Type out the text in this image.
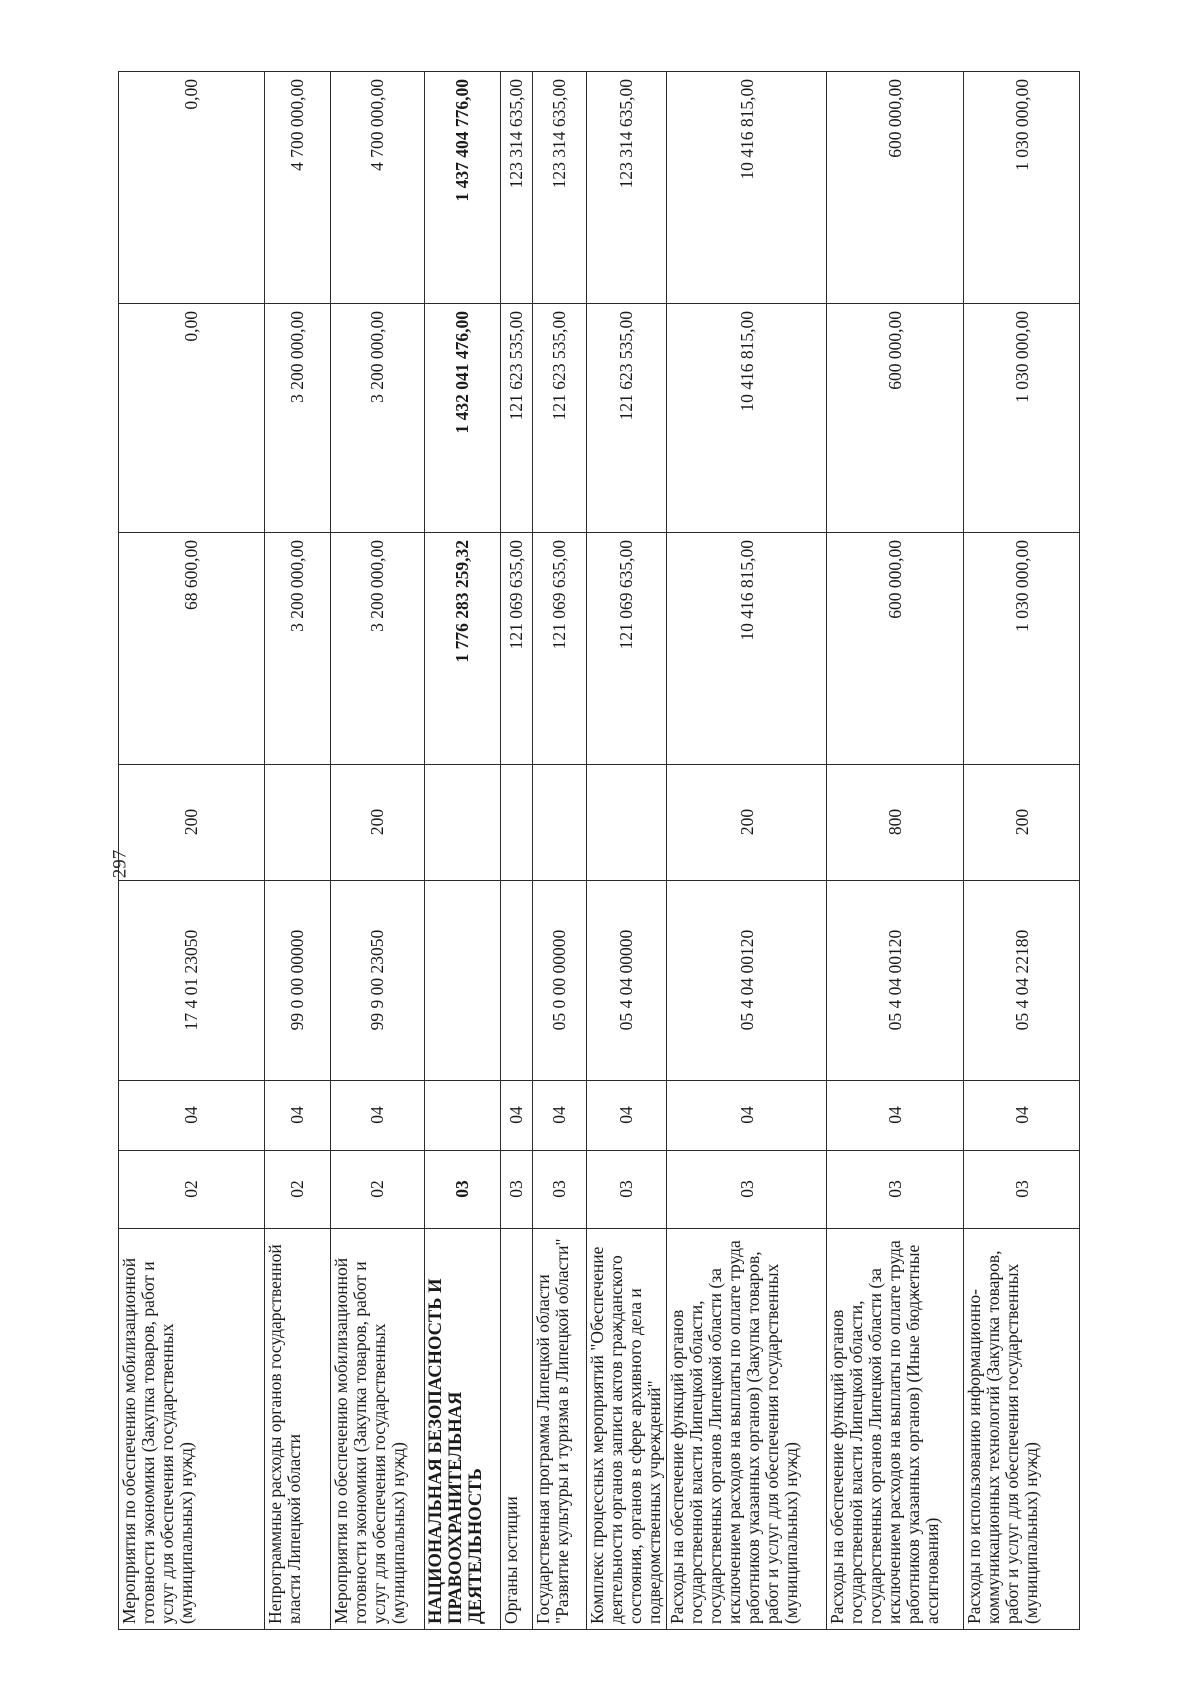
297
Мероприятия по обеспечению мобилизационной готовности экономики (Закупка товаров, работ и услуг для обеспечения государственных (муниципальных) нужд)	02	04	17 4 01 23050	200	68 600,00	0,00	0,00
Непрограммные расходы органов государственной власти Липецкой области	02	04	99 0 00 00000		3 200 000,00	3 200 000,00	4 700 000,00
Мероприятия по обеспечению мобилизационной готовности экономики (Закупка товаров, работ и услуг для обеспечения государственных (муниципальных) нужд)	02	04	99 9 00 23050	200	3 200 000,00	3 200 000,00	4 700 000,00
НАЦИОНАЛЬНАЯ БЕЗОПАСНОСТЬ И ПРАВООХРАНИТЕЛЬНАЯ ДЕЯТЕЛЬНОСТЬ	03				1 776 283 259,32	1 432 041 476,00	1 437 404 776,00
Органы юстиции	03	04			121 069 635,00	121 623 535,00	123 314 635,00
Государственная программа Липецкой области "Развитие культуры и туризма в Липецкой области"	03	04	05 0 00 00000		121 069 635,00	121 623 535,00	123 314 635,00
Комплекс процессных мероприятий "Обеспечение деятельности органов записи актов гражданского состояния, органов в сфере архивного дела и подведомственных учреждений"	03	04	05 4 04 00000		121 069 635,00	121 623 535,00	123 314 635,00
Расходы на обеспечение функций органов государственной власти Липецкой области, государственных органов Липецкой области (за исключением расходов на выплаты по оплате труда работников указанных органов) (Закупка товаров, работ и услуг для обеспечения государственных (муниципальных) нужд)	03	04	05 4 04 00120	200	10 416 815,00	10 416 815,00	10 416 815,00
Расходы на обеспечение функций органов государственной власти Липецкой области, государственных органов Липецкой области (за исключением расходов на выплаты по оплате труда работников указанных органов) (Иные бюджетные ассигнования)	03	04	05 4 04 00120	800	600 000,00	600 000,00	600 000,00
Расходы по использованию информационно-коммуникационных технологий (Закупка товаров, работ и услуг для обеспечения государственных (муниципальных) нужд)	03	04	05 4 04 22180	200	1 030 000,00	1 030 000,00	1 030 000,00
